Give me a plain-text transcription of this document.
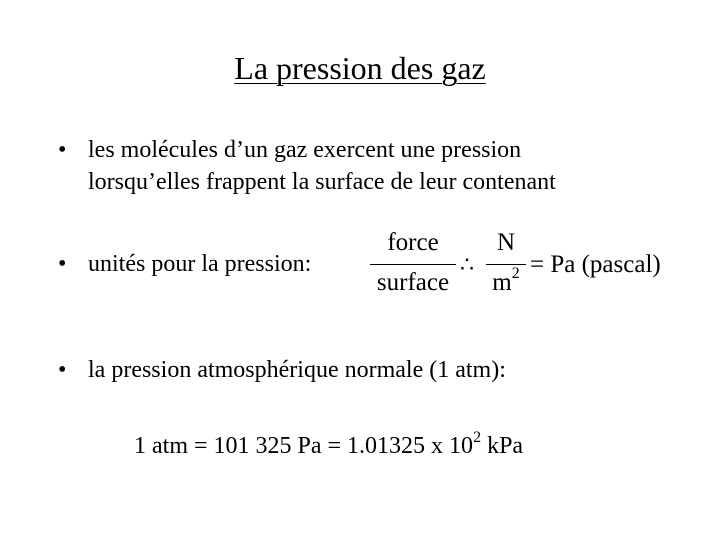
La pression des gaz
• les molécules d’un gaz exercent une pression
lorsqu’elles frappent la surface de leur contenant
• unités pour la pression:
force
surface
∴
N
$m^2 = Pa$ (pascal)
• la pression atmosphérique normale (1 atm):
1 atm = 101 325 Pa = 1.01325 x $10^2$ kPa
